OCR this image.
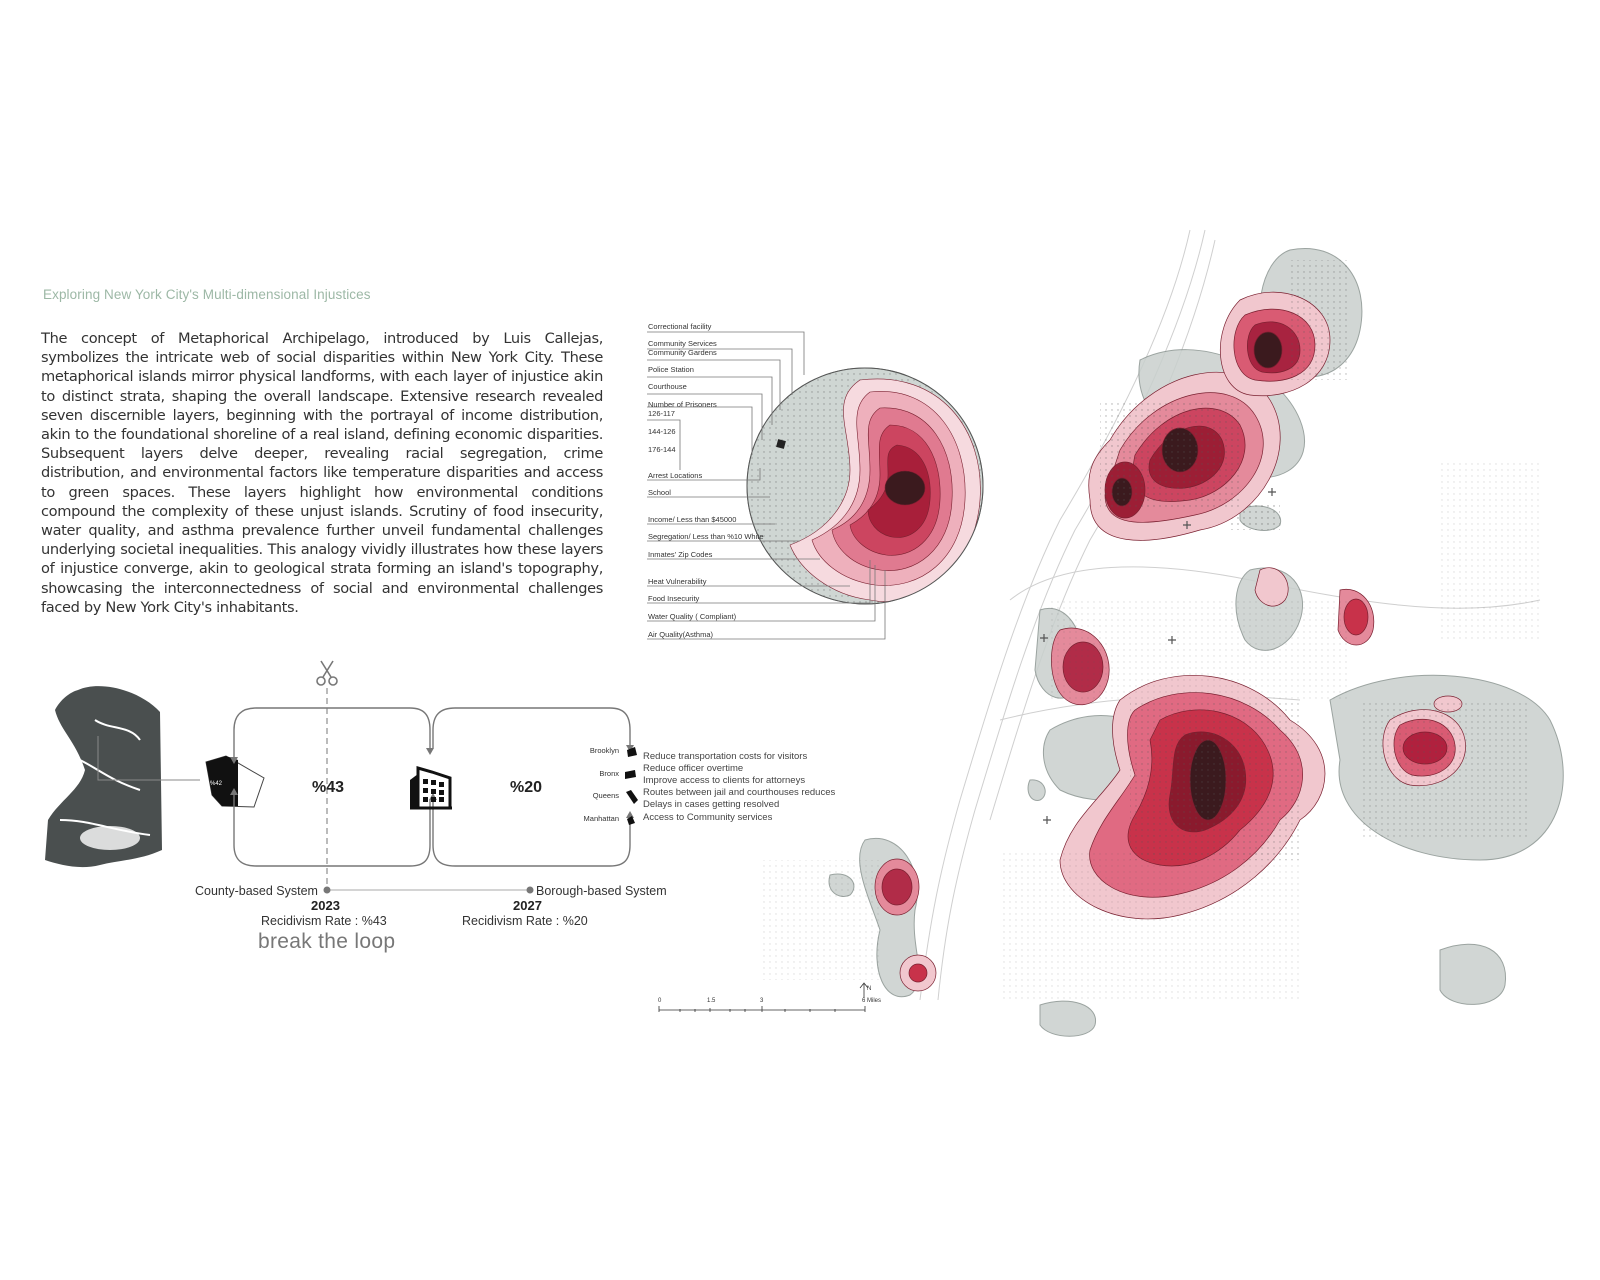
Exploring New York City's Multi-dimensional Injustices
The concept of Metaphorical Archipelago, introduced by Luis Callejas, symbolizes the intricate web of social disparities within New York City. These metaphorical islands mirror physical landforms, with each layer of injustice akin to distinct strata, shaping the overall landscape. Extensive research revealed seven discernible layers, beginning with the portrayal of income distribution, akin to the foundational shoreline of a real island, defining economic disparities. Subsequent layers delve deeper, revealing racial segregation, crime distribution, and environmental factors like temperature disparities and access to green spaces. These layers highlight how environmental conditions compound the complexity of these unjust islands. Scrutiny of food insecurity, water quality, and asthma prevalence further unveil fundamental challenges underlying societal inequalities. This analogy vividly illustrates how these layers of injustice converge, akin to geological strata forming an island's topography, showcasing the interconnectedness of social and environmental challenges faced by New York City's inhabitants.
Correctional facility
Community Services
Community Gardens
Police Station
Courthouse
Number of Prisoners
126-117
144-126
176-144
Arrest Locations
School
Income/ Less than $45000
Segregation/ Less than %10 White
Inmates' Zip Codes
Heat Vulnerability
Food Insecurity
Water Quality ( Compliant)
Air Quality(Asthma)
%43	%20
%42
County-based System	Borough-based System
2023	2027
Recidivism Rate : %43	Recidivism Rate : %20
break the loop
Brooklyn
Bronx
Queens
Manhattan
Reduce transportation costs for visitors
Reduce officer overtime
Improve access to clients for attorneys
Routes between jail and courthouses reduces
Delays in cases getting resolved
Access to Community services
0	1.5	3	6 Miles
N
